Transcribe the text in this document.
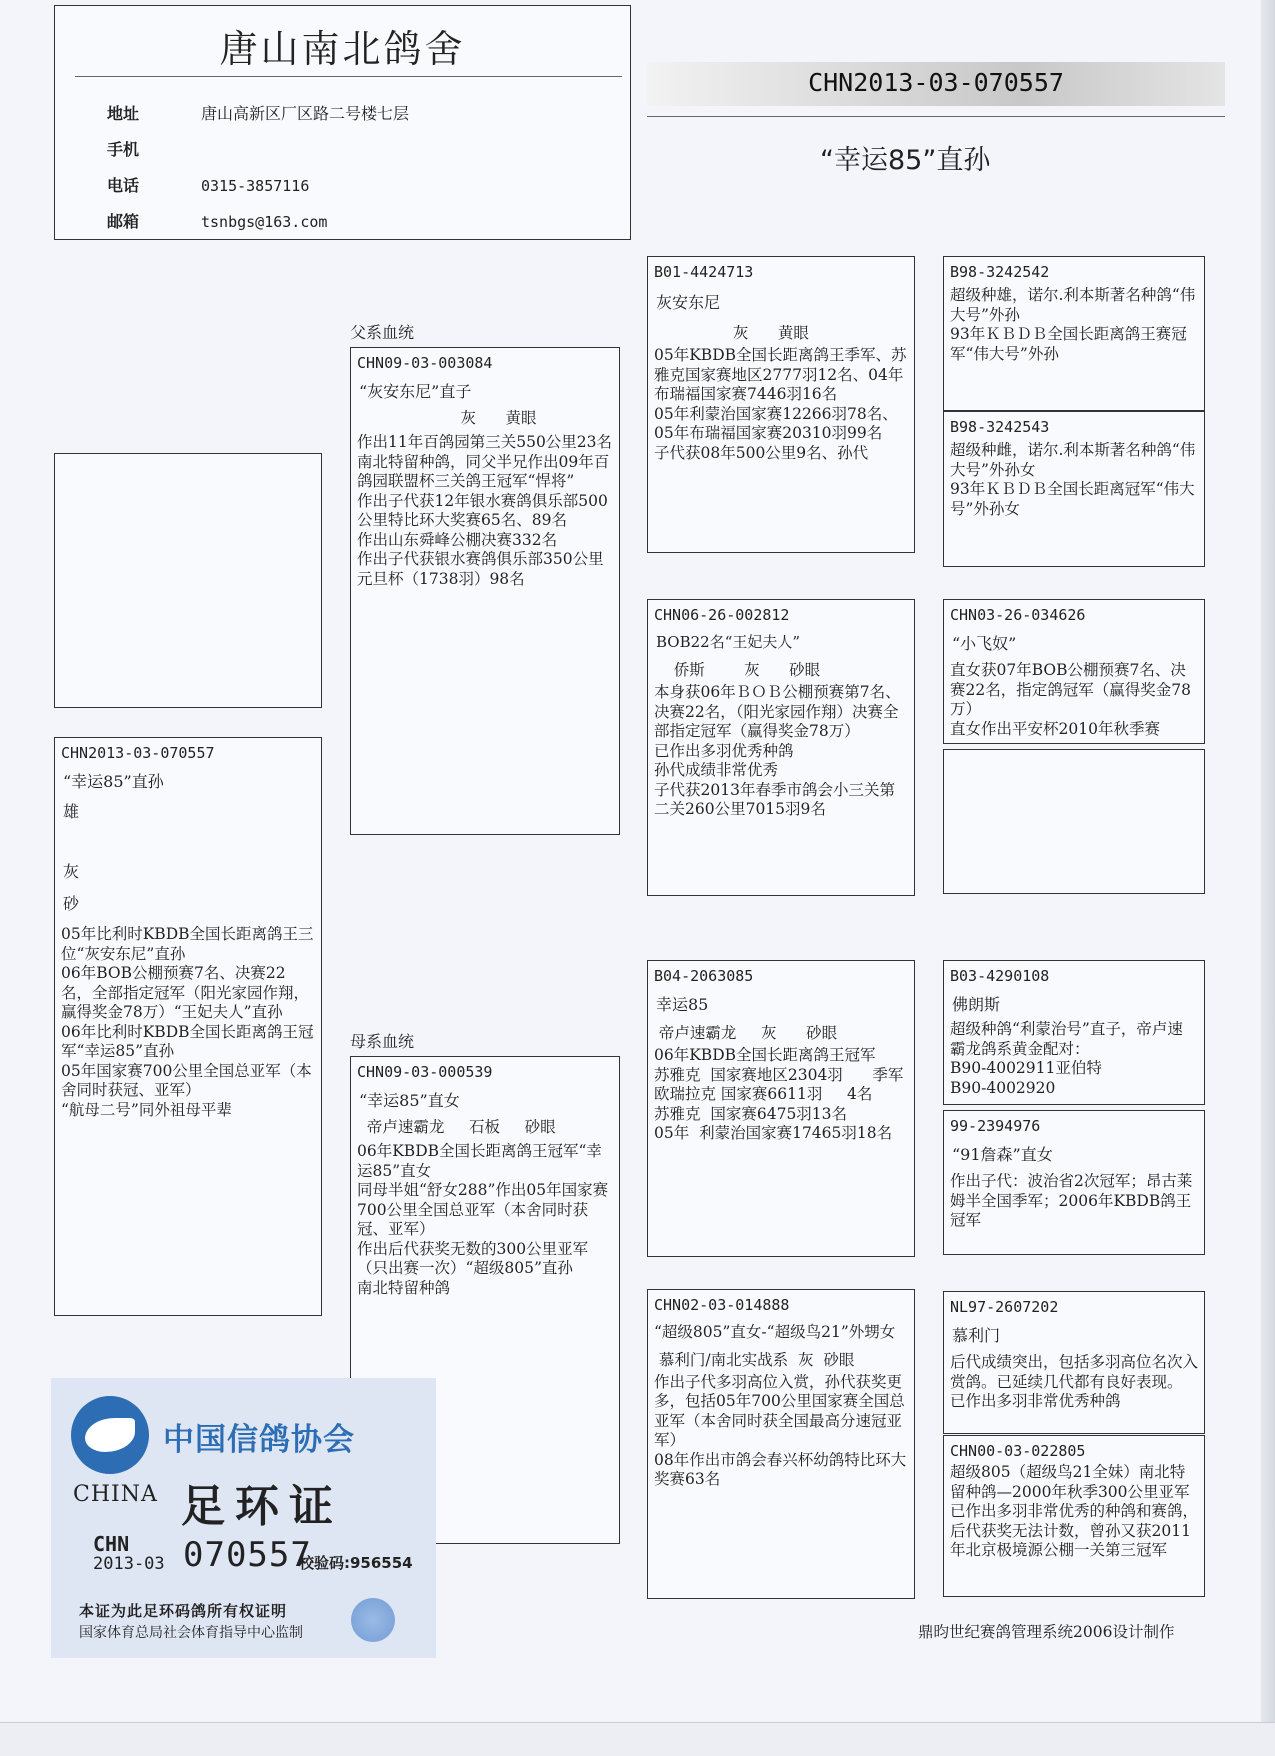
唐山南北鸽舍
地址	唐山高新区厂区路二号楼七层
手机
电话	0315-3857116
邮箱	tsnbgs@163.com
CHN2013-03-070557
“幸运85”直孙
父系血统
母系血统
CHN2013-03-070557
“幸运85”直孙
雄
灰
砂
05年比利时KBDB全国长距离鸽王三位“灰安东尼”直孙
06年BOB公棚预赛7名、决赛22名，全部指定冠军（阳光家园作翔，赢得奖金78万）“王妃夫人”直孙
06年比利时KBDB全国长距离鸽王冠军“幸运85”直孙
05年国家赛700公里全国总亚军（本舍同时获冠、亚军）
“航母二号”同外祖母平辈
CHN09-03-003084
“灰安东尼”直子
灰      黄眼
作出11年百鸽园第三关550公里23名
南北特留种鸽，同父半兄作出09年百鸽园联盟杯三关鸽王冠军“悍将”
作出子代获12年银水赛鸽俱乐部500公里特比环大奖赛65名、89名
作出山东舜峰公棚决赛332名
作出子代获银水赛鸽俱乐部350公里元旦杯（1738羽）98名
CHN09-03-000539
“幸运85”直女
帝卢速霸龙     石板     砂眼
06年KBDB全国长距离鸽王冠军“幸运85”直女
同母半姐“舒女288”作出05年国家赛700公里全国总亚军（本舍同时获冠、亚军）
作出后代获奖无数的300公里亚军（只出赛一次）“超级805”直孙
南北特留种鸽
B01-4424713
灰安东尼
灰      黄眼
05年KBDB全国长距离鸽王季军、苏雅克国家赛地区2777羽12名、04年布瑞福国家赛7446羽16名
05年利蒙治国家赛12266羽78名、05年布瑞福国家赛20310羽99名
子代获08年500公里9名、孙代
CHN06-26-002812
BOB22名“王妃夫人”
侨斯        灰      砂眼
本身获06年ＢＯＢ公棚预赛第7名、决赛22名，（阳光家园作翔）决赛全部指定冠军（赢得奖金78万）
已作出多羽优秀种鸽
孙代成绩非常优秀
子代获2013年春季市鸽会小三关第二关260公里7015羽9名
B04-2063085
幸运85
帝卢速霸龙     灰      砂眼
06年KBDB全国长距离鸽王冠军
苏雅克  国家赛地区2304羽      季军
欧瑞拉克 国家赛6611羽     4名
苏雅克  国家赛6475羽13名
05年  利蒙治国家赛17465羽18名
CHN02-03-014888
“超级805”直女-“超级鸟21”外甥女
慕利门/南北实战系  灰  砂眼
作出子代多羽高位入赏，孙代获奖更多，包括05年700公里国家赛全国总亚军（本舍同时获全国最高分速冠亚军）
08年作出市鸽会春兴杯幼鸽特比环大奖赛63名
B98-3242542
超级种雄，诺尔.利本斯著名种鸽“伟大号”外孙
93年ＫＢＤＢ全国长距离鸽王赛冠军“伟大号”外孙
B98-3242543
超级种雌，诺尔.利本斯著名种鸽“伟大号”外孙女
93年ＫＢＤＢ全国长距离冠军“伟大号”外孙女
CHN03-26-034626
“小飞奴”
直女获07年BOB公棚预赛7名、决赛22名，指定鸽冠军（赢得奖金78万）
直女作出平安杯2010年秋季赛
B03-4290108
佛朗斯
超级种鸽“利蒙治号”直子，帝卢速霸龙鸽系黄金配对：
B90-4002911亚伯特
B90-4002920
99-2394976
“91詹森”直女
作出子代：波治省2次冠军；昂古莱姆半全国季军；2006年KBDB鸽王冠军
NL97-2607202
慕利门
后代成绩突出，包括多羽高位名次入赏鸽。已延续几代都有良好表现。
已作出多羽非常优秀种鸽
CHN00-03-022805
超级805（超级鸟21全妹）南北特留种鸽—2000年秋季300公里亚军
已作出多羽非常优秀的种鸽和赛鸽，后代获奖无法计数，曾孙又获2011年北京极境源公棚一关第三冠军
中国信鸽协会
CHINA 足环证
CHN
2013-03 070557
校验码:956554
本证为此足环码鸽所有权证明
国家体育总局社会体育指导中心监制	鼎昀世纪赛鸽管理系统2006设计制作
